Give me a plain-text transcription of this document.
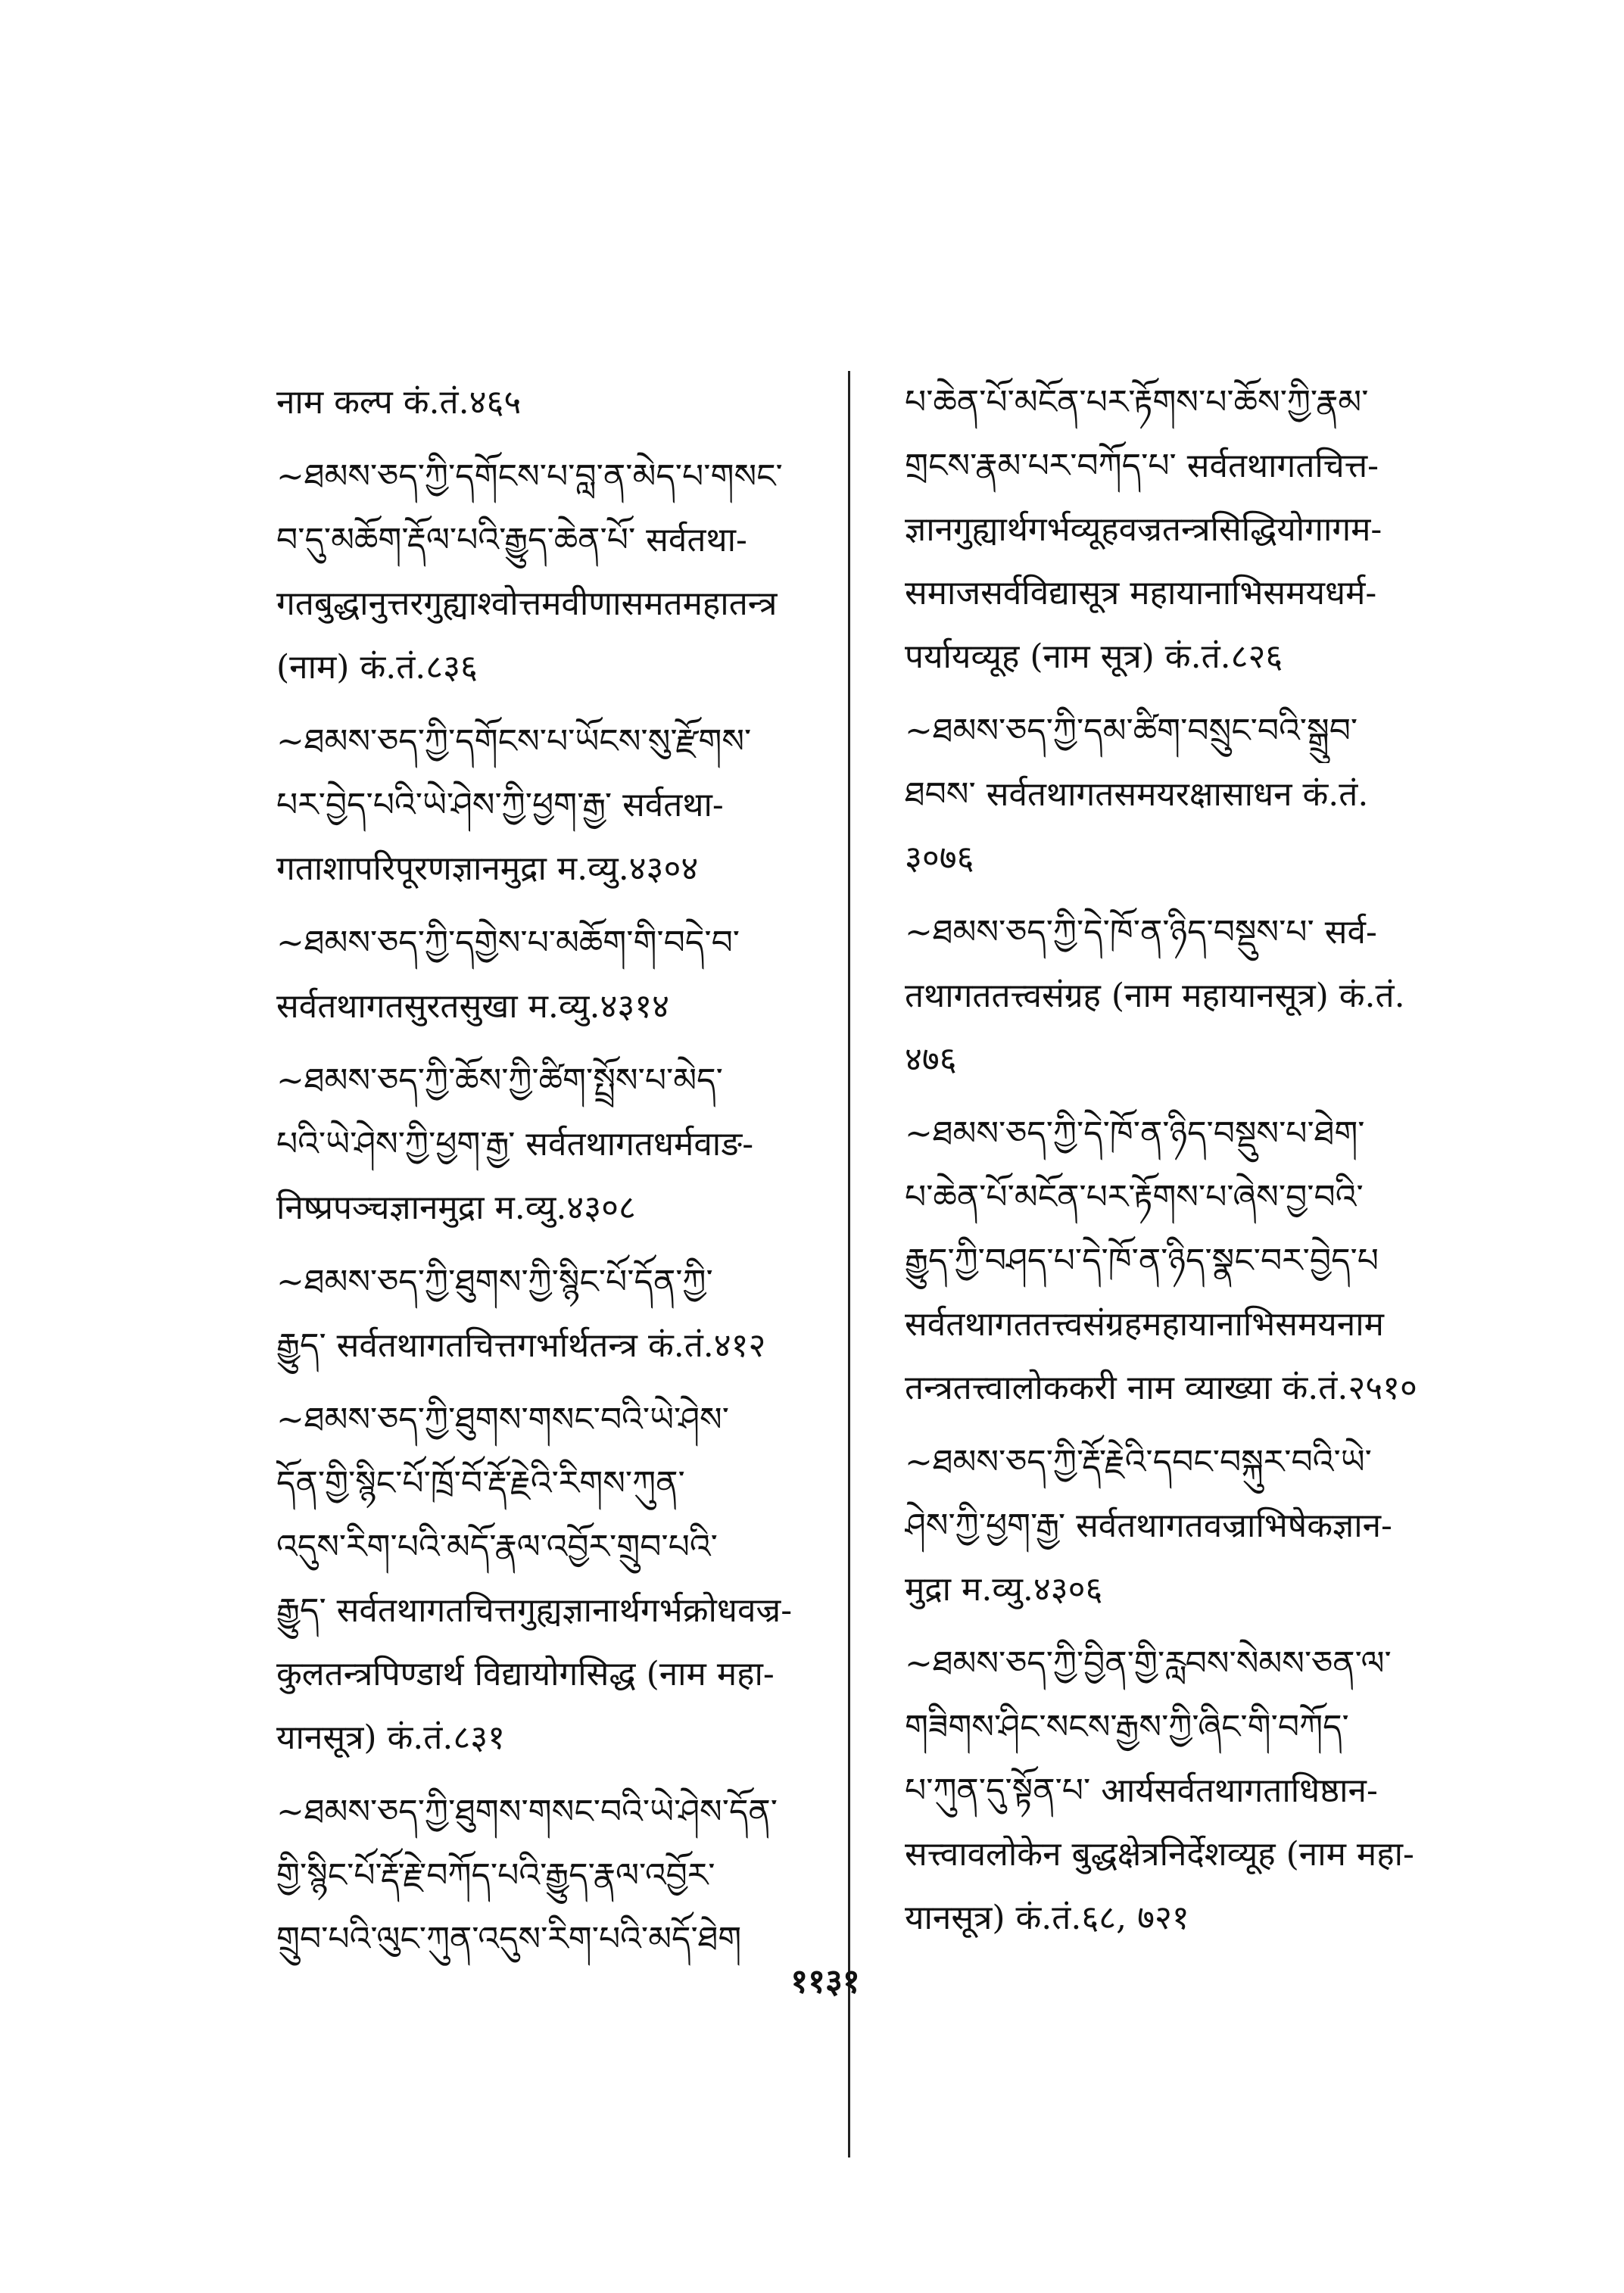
नाम कल्प कं.तं.४६५
~ཐམས་ཅད་ཀྱི་དགོངས་པ་བླ་ན་མེད་པ་གསང་
བ་དུ་མཆོག་རྡོལ་པའི་རྒྱུད་ཆེན་པོ་ सर्वतथा-
गतबुद्धानुत्तरगुह्याश्वोत्तमवीणासमतमहातन्त्र
(नाम) कं.तं.८३६
~ཐམས་ཅད་ཀྱི་དགོངས་པ་ཡོངས་སུ་རྫོགས་
པར་བྱེད་པའི་ཡེ་ཤེས་ཀྱི་ཕྱག་རྒྱ་ सर्वतथा-
गताशापरिपूरणज्ञानमुद्रा म.व्यु.४३०४
~ཐམས་ཅད་ཀྱི་དགྱེས་པ་མཆོག་གི་བདེ་བ་
सर्वतथागतसुरतसुखा म.व्यु.४३१४
~ཐམས་ཅད་ཀྱི་ཆོས་ཀྱི་ཚིག་སྤྲོས་པ་མེད་
པའི་ཡེ་ཤེས་ཀྱི་ཕྱག་རྒྱ་ सर्वतथागतधर्मवाङ-
निष्प्रपञ्चज्ञानमुद्रा म.व्यु.४३०८
~ཐམས་ཅད་ཀྱི་ཐུགས་ཀྱི་སྙིང་པོ་དོན་ཀྱི་
རྒྱུད་ सर्वतथागतचित्तगर्भार्थतन्त्र कं.तं.४१२
~ཐམས་ཅད་ཀྱི་ཐུགས་གསང་བའི་ཡེ་ཤེས་
དོན་གྱི་སྙིང་པོ་ཁྲོ་བོ་རྡོ་རྗེའི་རིགས་ཀུན་
འདུས་རིག་པའི་མདོ་རྣལ་འབྱོར་གྲུབ་པའི་
རྒྱུད་ सर्वतथागतचित्तगुह्यज्ञानार्थगर्भक्रोधवज्र-
कुलतन्त्रपिण्डार्थ विद्यायोगसिद्ध (नाम महा-
यानसूत्र) कं.तं.८३१
~ཐམས་ཅད་ཀྱི་ཐུགས་གསང་བའི་ཡེ་ཤེས་དོན་
གྱི་སྙིང་པོ་རྡོ་རྗེ་བཀོད་པའི་རྒྱུད་རྣལ་འབྱོར་
གྲུབ་པའི་ལུང་ཀུན་འདུས་རིག་པའི་མདོ་ཐེག
པ་ཆེན་པོ་མངོན་པར་རྟོགས་པ་ཆོས་ཀྱི་རྣམ་
གྲངས་རྣམ་པར་བཀོད་པ་ सर्वतथागतचित्त-
ज्ञानगुह्यार्थगर्भव्यूहवज्रतन्त्रसिद्धियोगागम-
समाजसर्वविद्यासूत्र महायानाभिसमयधर्म-
पर्यायव्यूह (नाम सूत्र) कं.तं.८२६
~ཐམས་ཅད་ཀྱི་དམ་ཚིག་བསྲུང་བའི་སྒྲུབ་
ཐབས་ सर्वतथागतसमयरक्षासाधन कं.तं.
३०७६
~ཐམས་ཅད་ཀྱི་དེ་ཁོ་ན་ཉིད་བསྡུས་པ་ सर्व-
तथागततत्त्वसंग्रह (नाम महायानसूत्र) कं.तं.
४७६
~ཐམས་ཅད་ཀྱི་དེ་ཁོ་ན་ཉིད་བསྡུས་པ་ཐེག་
པ་ཆེན་པོ་མངོན་པར་རྟོགས་པ་ཞེས་བྱ་བའི་
རྒྱུད་ཀྱི་བཤད་པ་དེ་ཁོ་ན་ཉིད་སྣང་བར་བྱེད་པ
सर्वतथागततत्त्वसंग्रहमहायानाभिसमयनाम
तन्त्रतत्त्वालोककरी नाम व्याख्या कं.तं.२५१०
~ཐམས་ཅད་ཀྱི་རྡོ་རྗེའི་དབང་བསྐུར་བའི་ཡེ་
ཤེས་ཀྱི་ཕྱག་རྒྱ་ सर्वतथागतवज्राभिषेकज्ञान-
मुद्रा म.व्यु.४३०६
~ཐམས་ཅད་ཀྱི་བྱིན་གྱི་རླབས་སེམས་ཅན་ལ་
གཟིགས་ཤིང་སངས་རྒྱས་ཀྱི་ཞིང་གི་བཀོད་
པ་ཀུན་དུ་སྟོན་པ་ आर्यसर्वतथागताधिष्ठान-
सत्त्वावलोकेन बुद्धक्षेत्रनिर्देशव्यूह (नाम महा-
यानसूत्र) कं.तं.६८, ७२१
११३१
